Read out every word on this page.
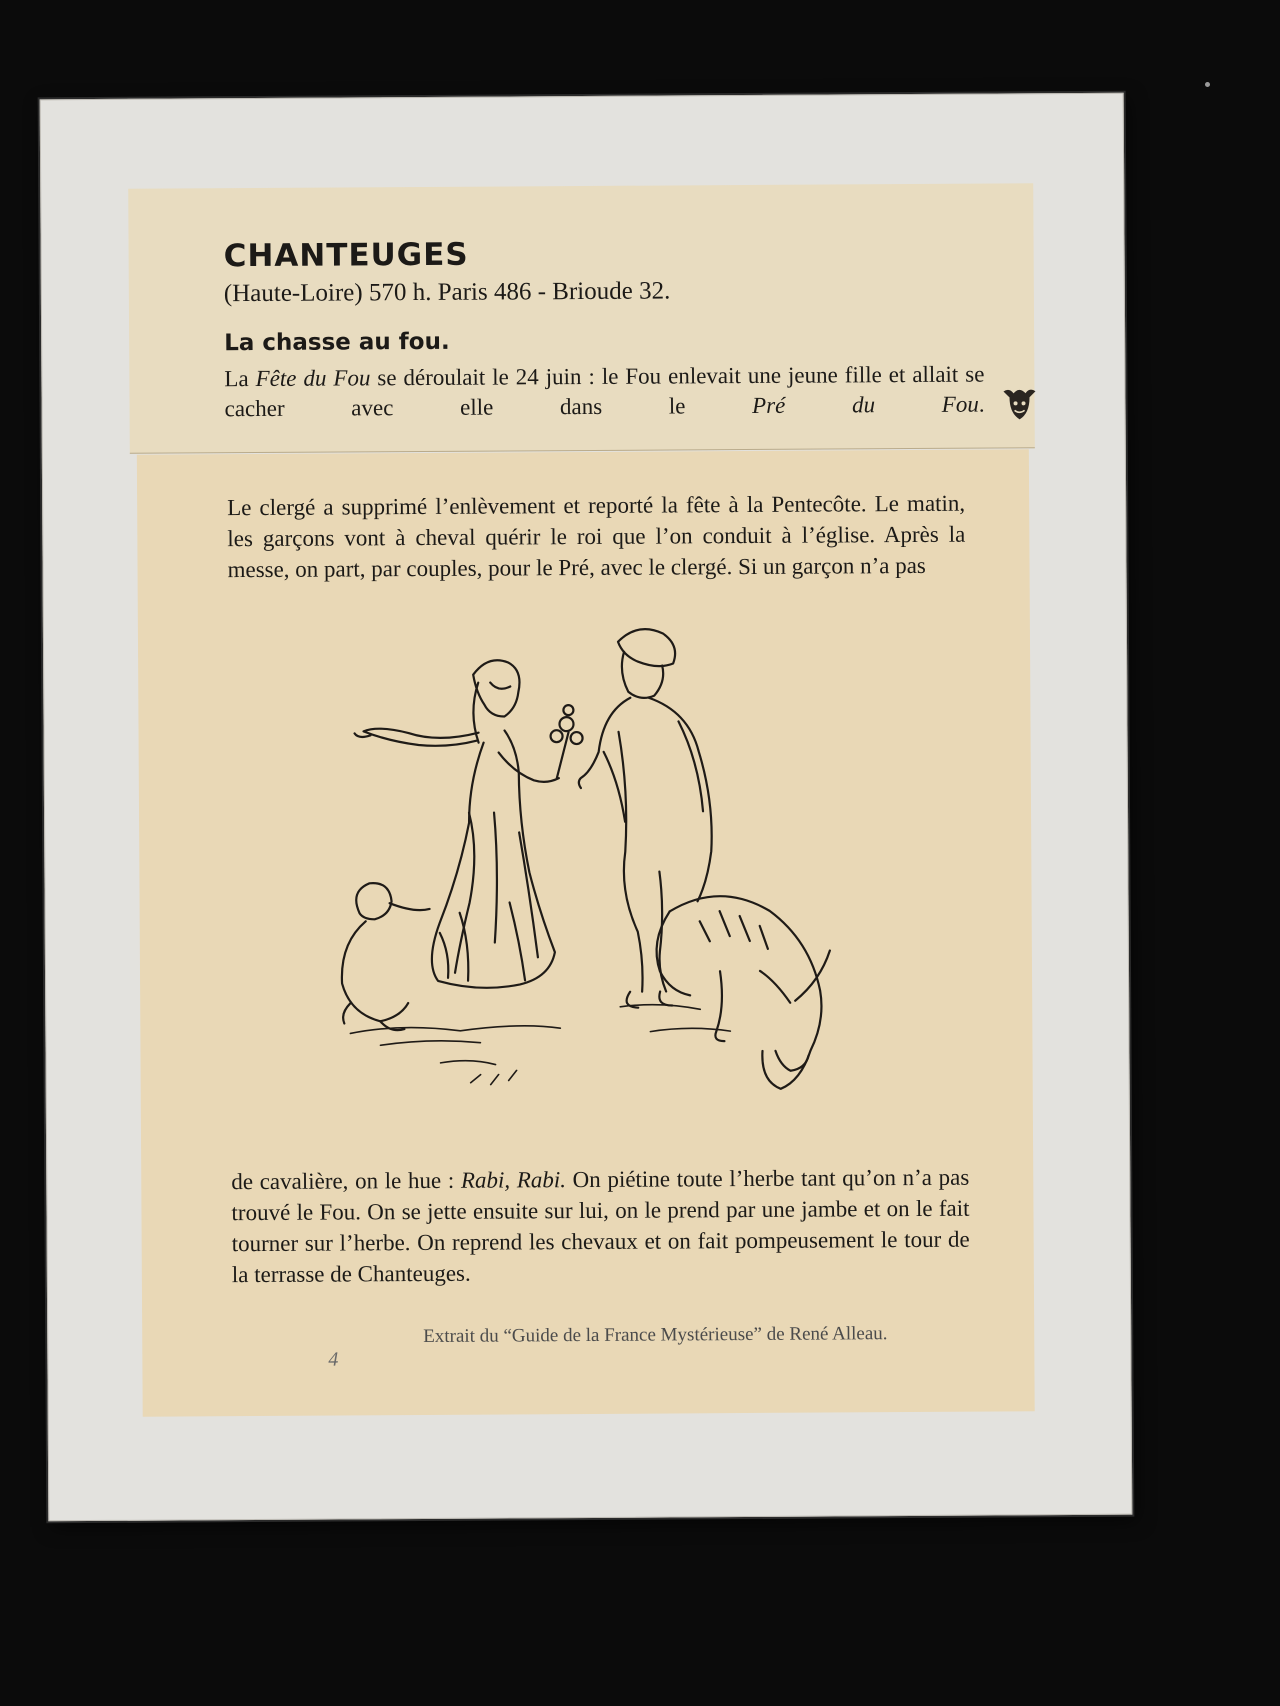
CHANTEUGES
(Haute-Loire) 570 h. Paris 486 - Brioude 32.
La chasse au fou.
La Fête du Fou se déroulait le 24 juin : le Fou enlevait une jeune fille et allait se cacher avec elle dans le Pré du Fou.
Le clergé a supprimé l’enlèvement et reporté la fête à la Pentecôte. Le matin, les garçons vont à cheval quérir le roi que l’on conduit à l’église. Après la messe, on part, par couples, pour le Pré, avec le clergé. Si un garçon n’a pas
de cavalière, on le hue : Rabi, Rabi. On piétine toute l’herbe tant qu’on n’a pas trouvé le Fou. On se jette ensuite sur lui, on le prend par une jambe et on le fait tourner sur l’herbe. On reprend les chevaux et on fait pompeusement le tour de la terrasse de Chanteuges.
Extrait du “Guide de la France Mystérieuse” de René Alleau.
4
